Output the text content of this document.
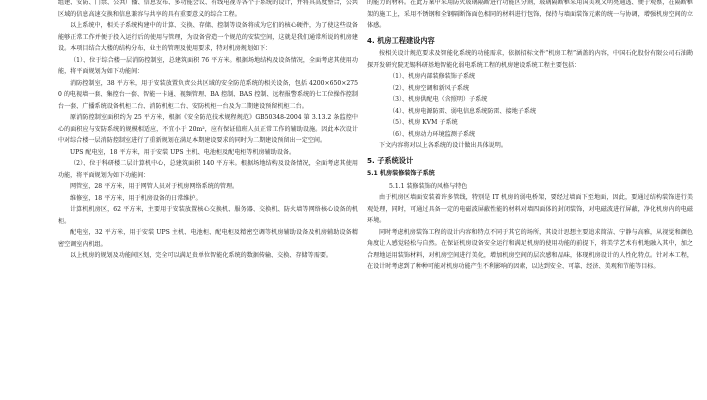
组建、安防、门禁、公共广播、信息发布、多功能会议、有线电视等各个子系统的设计，并将其高度整合，公共区域的信息高速交换和信息兼容与共享的具有重要意义的综合工程。

以上系统中，相关子系统构建中的计算、交换、存储、控制等设备将成为它们的核心硬件，为了使这些设备能够正常工作并便于投入运行后的使用与管理，为设备营造一个规范的安装空间，这就是我们通常所说的机房建设。本项目结合大楼的结构分布，业主的管理及使用要求，特对机房规划如下：

（1）、位于综合楼一层消防控制室，总建筑面积 76 平方米。根据场地结构及设备情况，全面考虑其使用功能，将平面规划为如下功能间：

消防控制室，38 平方米，用于安装放置负责公共区域的安全防范系统的相关设备，包括 4200×650×2750 的电视墙一套、集控台一套、智能一卡通、视频管理、BA 控制、BAS 控制、远程报警系统的七工位操作控制台一套、广播系统设备机柜二台、消防机柜二台、安防机柜一台及为二期建设预留机柜二台。

原消防控制室面积约为 25 平方米，根据《安全防范技术规程规范》GB50348-2004 第 3.13.2 条监控中心的面积应与安防系统的规模相适应，不宜小于 20m²，应有保证值班人员正常工作的辅助设施。因此本次设计中对综合楼一层消防控制室进行了重新规划在满足本期建设要求的同时为二期建设预留出一定空间。

UPS 配电室，18 平方米，用于安装 UPS 主机、电池柜及配电柜等机房辅助设备。

（2）、位于科研楼二层计算机中心，总建筑面积 140 平方米。根据场地结构及设备情况，全面考虑其使用功能，将平面规划为如下功能间：

网管室，28 平方米，用于网管人员对于机房网络系统的管理。

维修室，18 平方米，用于机房设备的日常维护。

计算机机房区，62 平方米，主要用于安装放置核心交换机、服务器、交换机、防火墙等网络核心设备的机柜。

配电室，32 平方米，用于安装 UPS 主机、电池柜、配电柜及精密空调等机房辅助设备及机房辅助设备精密空调室内机组。

以上机房的规划及功能间区划，完全可以满足贵单位智能化系统的数据传输、交换、存储等需要。

的能力的材料。在此方案中采用防火玻璃隔断进行功能区分割，玻璃隔断框采用国美观又明亮通透、便于观察，在隔断框架的施工上，采用不锈钢和全钢隔断饰面色相同的材料进行包饰，保持与墙面装饰元素的统一与协调，增强机房空间的立体感。

4. 机房工程建设内容

按相关设计规范要求及智能化系统的功能需求，依据招标文件“机房工程”涵盖的内容，中国石化股份有限公司石油勘探开发研究院无锡科研基地智能化弱电系统工程的机房建设系统工程主要包括：

（1）、机房内部装修装饰子系统

（2）、机房空调和新风子系统

（3）、机房供配电（含照明）子系统

（4）、机房电源防雷、弱电信息系统防雷、接地子系统

（5）、机房 KVM 子系统

（6）、机房动力环境监测子系统

下文内容将对以上各系统的设计做出具体说明。

5. 子系统设计
5.1 机房装修装饰子系统

5.1.1 装修装饰的风格与特色

由于机房区墙面安装着许多管线，特别是 IT 机房的弱电桥架，要经过墙面下至地面，因此，要通过结构装饰进行美观处理，同时，可通过具备一定的电磁波屏蔽性能的材料对墙四面体的封闭装饰，对电磁波进行屏蔽，净化机房内的电磁环境。

同时考虑机房装饰工程的设计内容和特点不同于其它的场所，其设计思想主要追求简洁、宁静与高雅，从视觉和颜色角度让人感觉轻松与自然。在保证机房设备安全运行和满足机房的使用功能的前提下，将美学艺术有机地融入其中，加之合理地运用装饰材料，对机房空间进行美化，增加机房空间的层次感和品味，体现机房设计的人性化特点。针对本工程，在设计时考虑到了种种可能对机房功能产生不利影响的因素，以达到安全、可靠、经济、美观和节能等目标。
